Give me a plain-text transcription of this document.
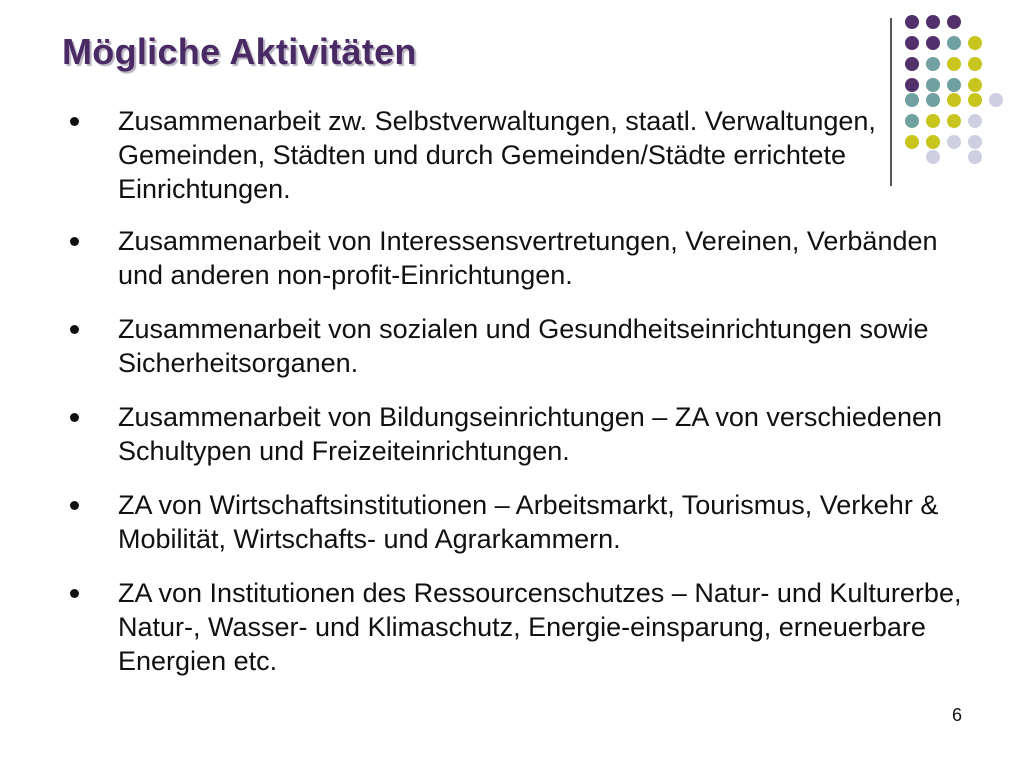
Mögliche Aktivitäten
Zusammenarbeit zw. Selbstverwaltungen, staatl. Verwaltungen, Gemeinden, Städten und durch Gemeinden/Städte errichtete Einrichtungen.
Zusammenarbeit von Interessensvertretungen, Vereinen, Verbänden und anderen non-profit-Einrichtungen.
Zusammenarbeit von sozialen und Gesundheitseinrichtungen sowie Sicherheitsorganen.
Zusammenarbeit von Bildungseinrichtungen – ZA von verschiedenen Schultypen und Freizeiteinrichtungen.
ZA von Wirtschaftsinstitutionen – Arbeitsmarkt, Tourismus, Verkehr & Mobilität, Wirtschafts- und Agrarkammern.
ZA von Institutionen des Ressourcenschutzes – Natur- und Kulturerbe, Natur-, Wasser- und Klimaschutz, Energie-einsparung, erneuerbare Energien etc.
6
